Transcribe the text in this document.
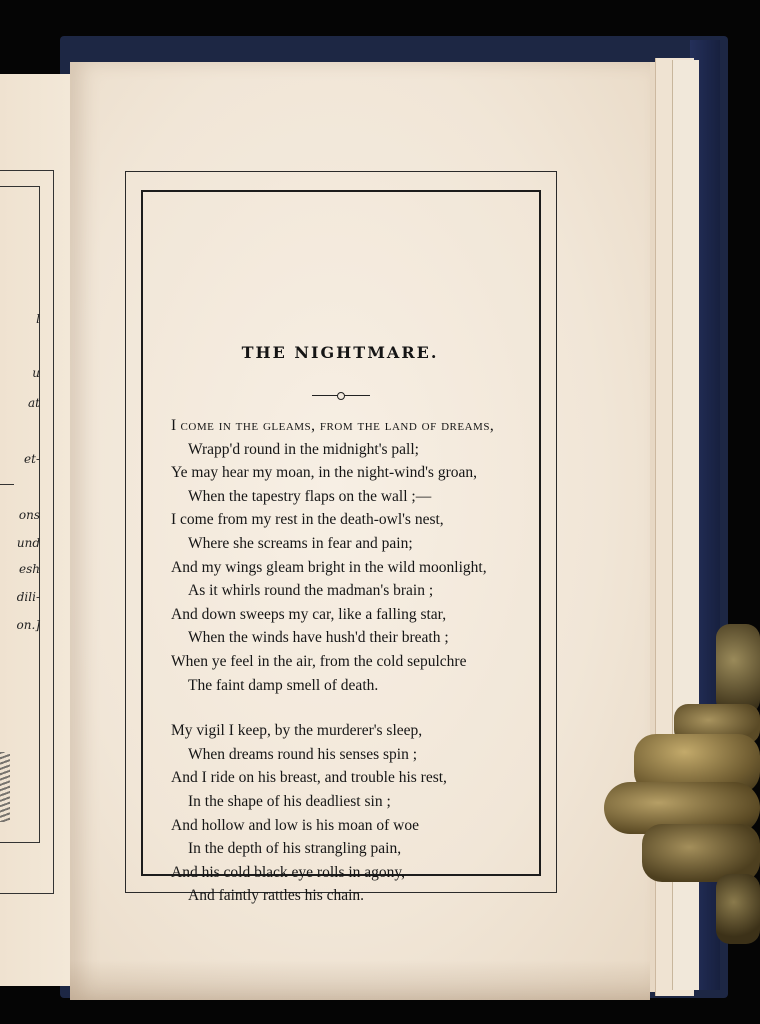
l
u
at
et-
ons
und
esh
dili-
on.]
THE NIGHTMARE.
I come in the gleams, from the land of dreams,
Wrapp'd round in the midnight's pall;
Ye may hear my moan, in the night-wind's groan,
When the tapestry flaps on the wall ;—
I come from my rest in the death-owl's nest,
Where she screams in fear and pain;
And my wings gleam bright in the wild moonlight,
As it whirls round the madman's brain ;
And down sweeps my car, like a falling star,
When the winds have hush'd their breath ;
When ye feel in the air, from the cold sepulchre
The faint damp smell of death.
My vigil I keep, by the murderer's sleep,
When dreams round his senses spin ;
And I ride on his breast, and trouble his rest,
In the shape of his deadliest sin ;
And hollow and low is his moan of woe
In the depth of his strangling pain,
And his cold black eye rolls in agony,
And faintly rattles his chain.
